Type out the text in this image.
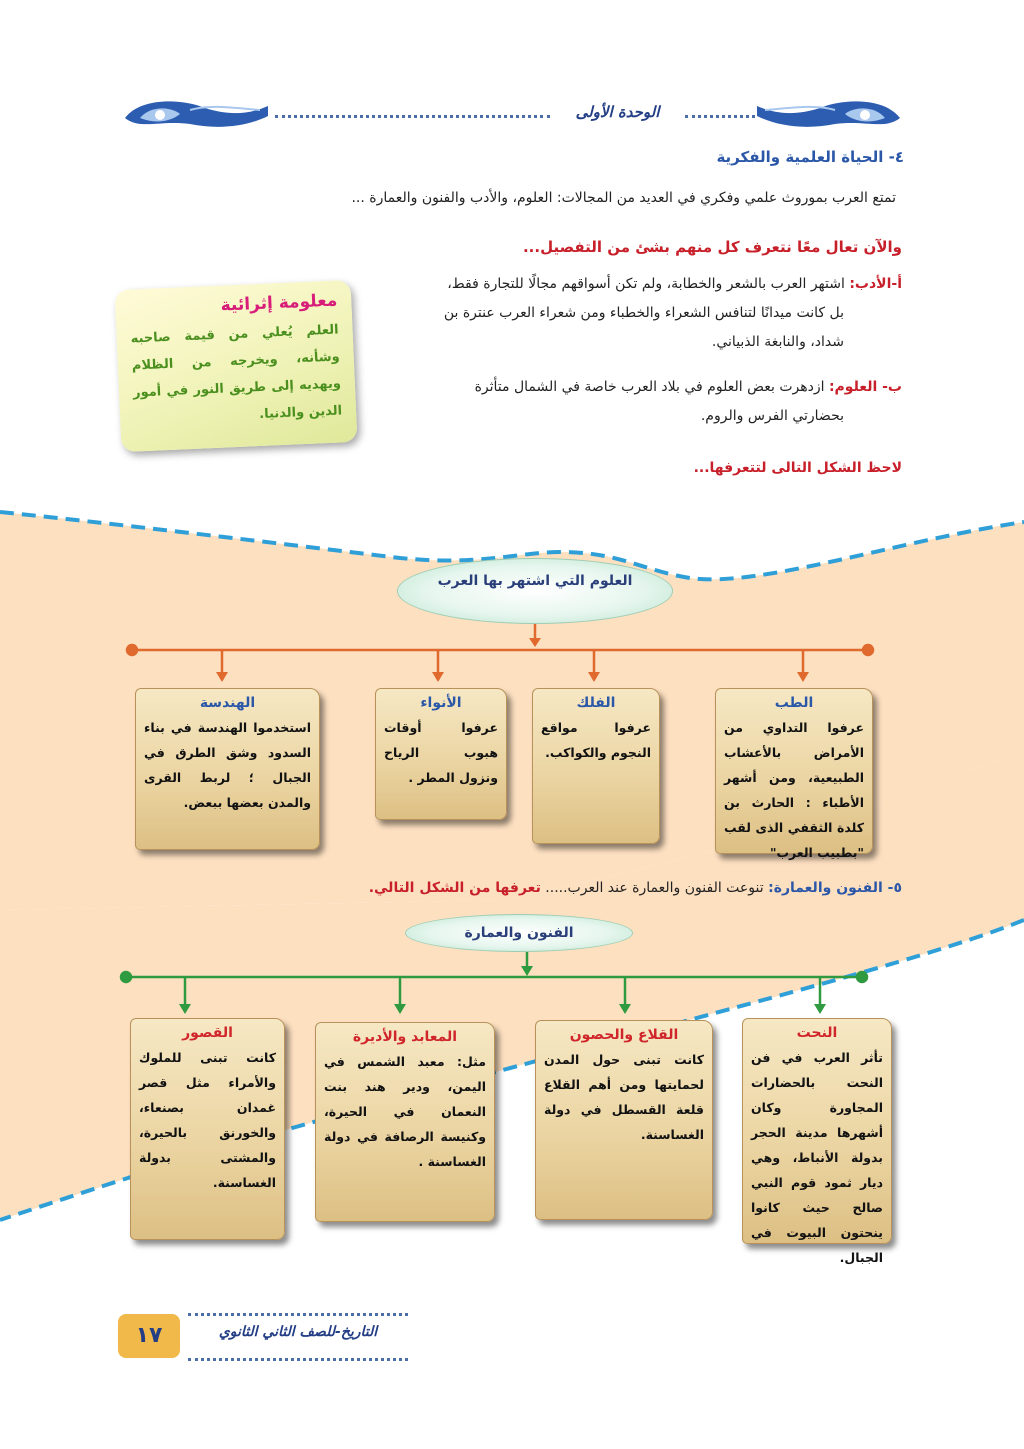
الوحدة الأولى
٤- الحياة العلمية والفكرية
تمتع العرب بموروث علمي وفكري في العديد من المجالات: العلوم، والأدب والفنون والعمارة ...
والآن تعال معًا نتعرف كل منهم بشئ من التفصيل...
أ-الأدب: اشتهر العرب بالشعر والخطابة، ولم تكن أسواقهم مجالًا للتجارة فقط،
بل كانت ميدانًا لتنافس الشعراء والخطباء ومن شعراء العرب عنترة بن
شداد، والنابغة الذبياني.
ب- العلوم: ازدهرت بعض العلوم في بلاد العرب خاصة في الشمال متأثرة
بحضارتي الفرس والروم.
لاحظ الشكل التالى لتتعرفها...
معلومة إثرائية
العلم يُعلي من قيمة صاحبه وشأنه، ويخرجه من الظلام ويهديه إلى طريق النور في أمور الدين والدنيا.
العلوم التي اشتهر بها العرب
الطب
عرفوا التداوي من الأمراض بالأعشاب الطبيعية، ومن أشهر الأطباء : الحارث بن كلدة الثقفي الذى لقب "بطبيب العرب"
الفلك
عرفوا مواقع النجوم والكواكب.
الأنواء
عرفوا أوقات هبوب الرياح ونزول المطر .
الهندسة
استخدموا الهندسة في بناء السدود وشق الطرق في الجبال ؛ لربط القرى والمدن بعضها ببعض.
٥- الفنون والعمارة: تنوعت الفنون والعمارة عند العرب..... تعرفها من الشكل التالي.
الفنون والعمارة
النحت
تأثر العرب في فن النحت بالحضارات المجاورة وكان أشهرها مدينة الحجر بدولة الأنباط، وهي ديار ثمود قوم النبي صالح حيث كانوا ينحتون البيوت في الجبال.
القلاع والحصون
كانت تبنى حول المدن لحمايتها ومن أهم القلاع قلعة القسطل في دولة الغساسنة.
المعابد والأديرة
مثل: معبد الشمس في اليمن، ودير هند بنت النعمان في الحيرة، وكنيسة الرصافة في دولة الغساسنة .
القصور
كانت تبنى للملوك والأمراء مثل قصر غمدان بصنعاء، والخورنق بالحيرة، والمشتى بدولة الغساسنة.
١٧	التاريخ-للصف الثاني الثانوي
